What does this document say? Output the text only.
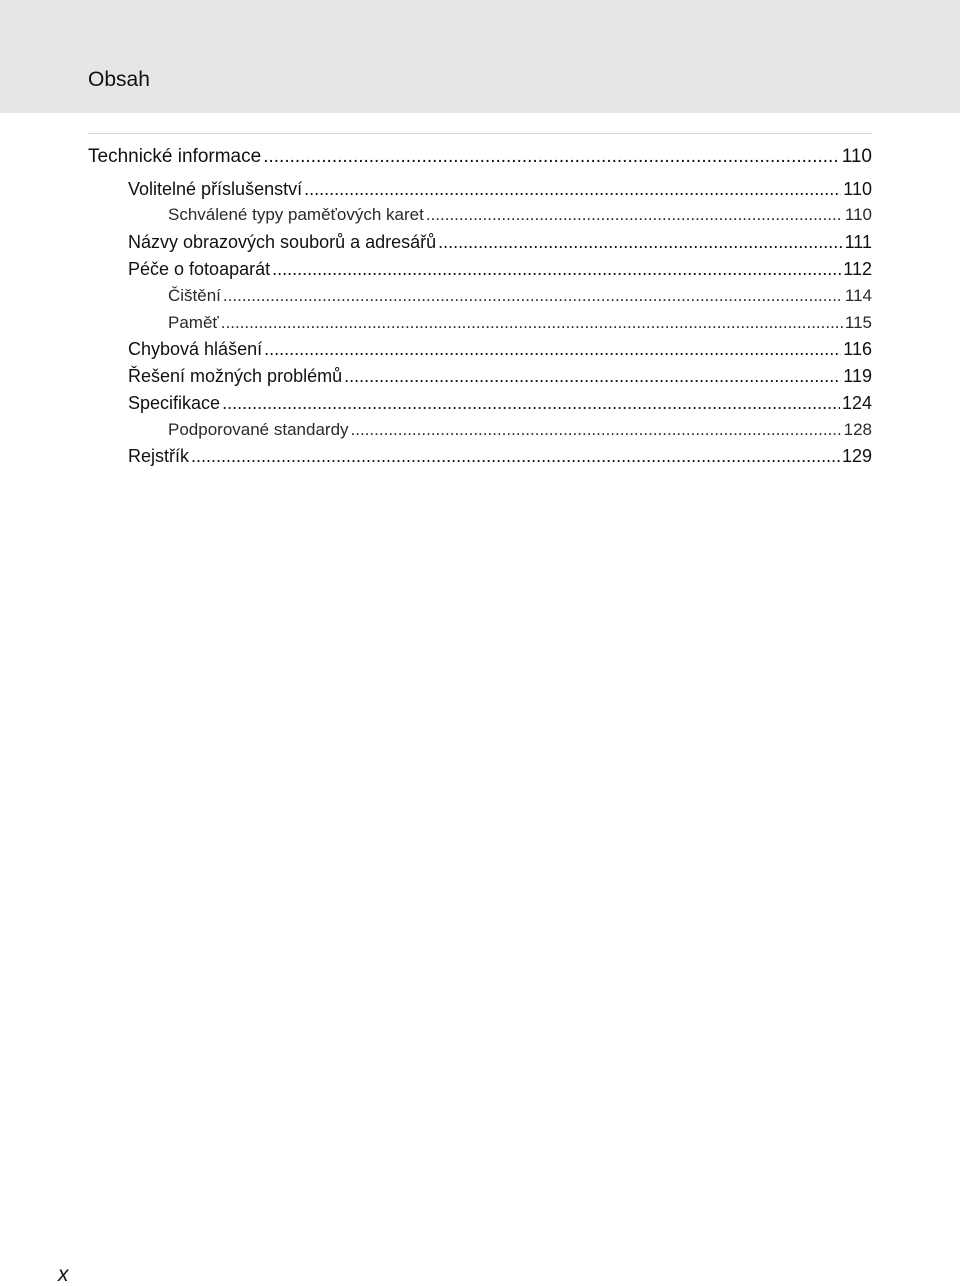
Obsah
Technické informace .....	110
Volitelné příslušenství .....	110
Schválené typy paměťových karet .....	110
Názvy obrazových souborů a adresářů .....	111
Péče o fotoaparát .....	112
Čištění .....	114
Paměť .....	115
Chybová hlášení .....	116
Řešení možných problémů .....	119
Specifikace .....	124
Podporované standardy .....	128
Rejstřík .....	129
x
